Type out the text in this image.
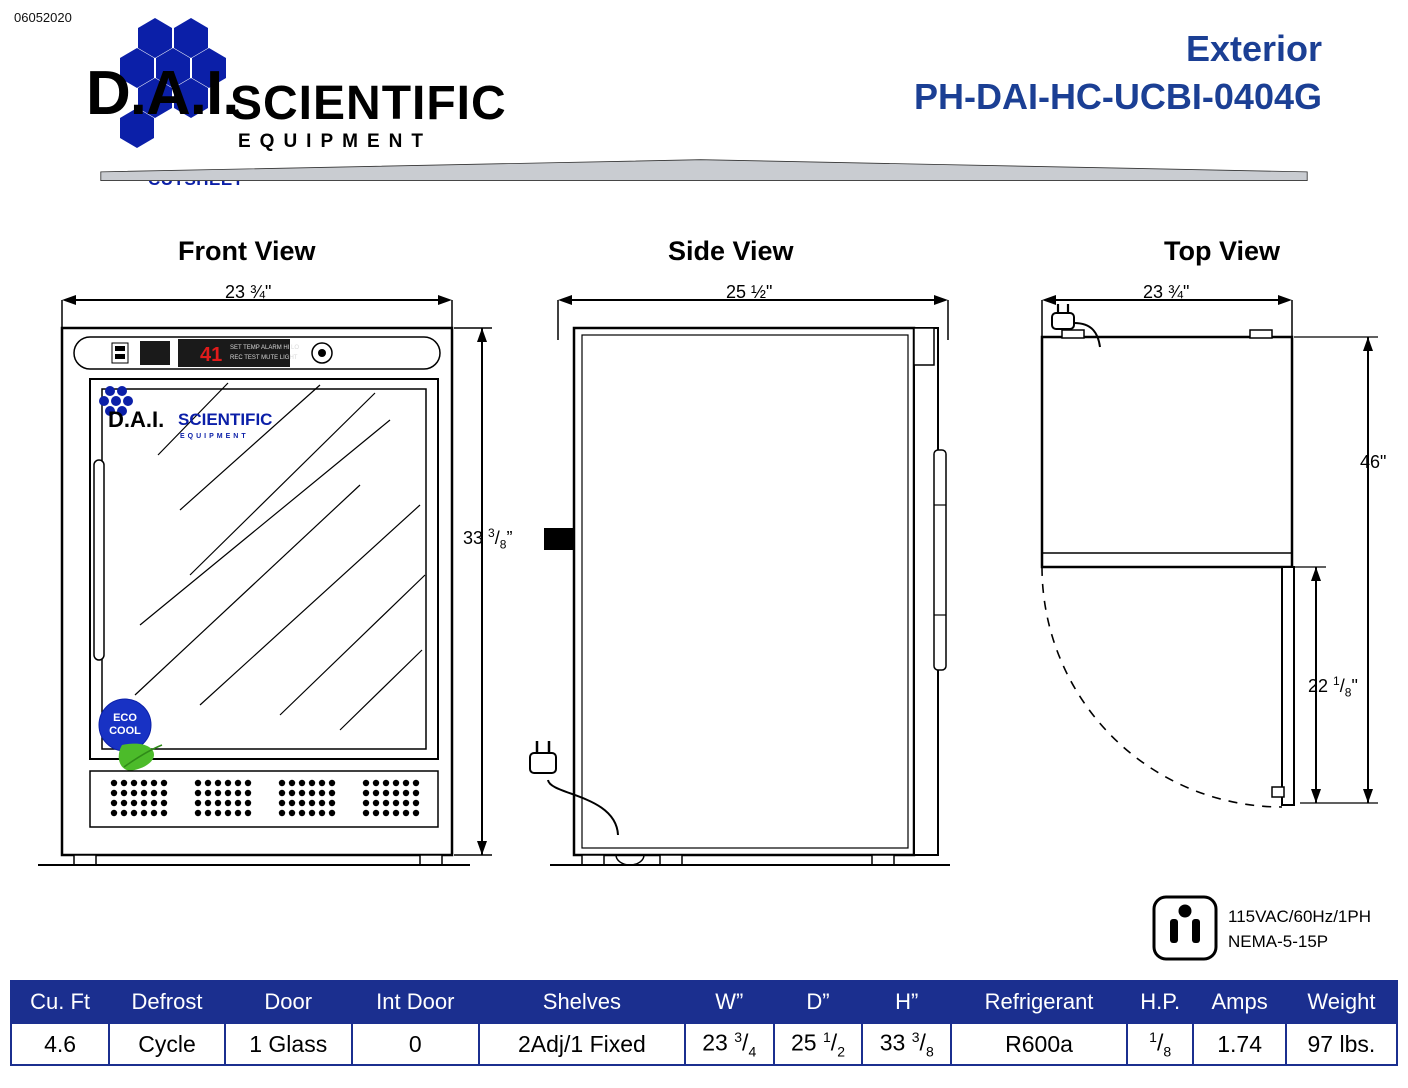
06052020
D.A.I.
SCIENTIFIC
EQUIPMENT
Exterior
PH-DAI-HC-UCBI-0404G
Front View	Side View	Top View
41 SET TEMP ALARM HI LO
REC TEST MUTE LIGHT
D.A.I. SCIENTIFIC
EQUIPMENT
ECO
COOL
23 ¾"
33 $^3/_8$”
25 ½"	23 ¾"
46"
22 $^1/_8$"
115VAC/60Hz/1PH
NEMA-5-15P
Cu. Ft	Defrost	Door	Int Door	Shelves	W”	D”	H”	Refrigerant	H.P.	Amps	Weight
4.6	Cycle	1 Glass	0	2Adj/1 Fixed	23 $^3/_4$	25 $^1/_2$	33 $^3/_8$	R600a	$^1/_8$	1.74	97 lbs.
